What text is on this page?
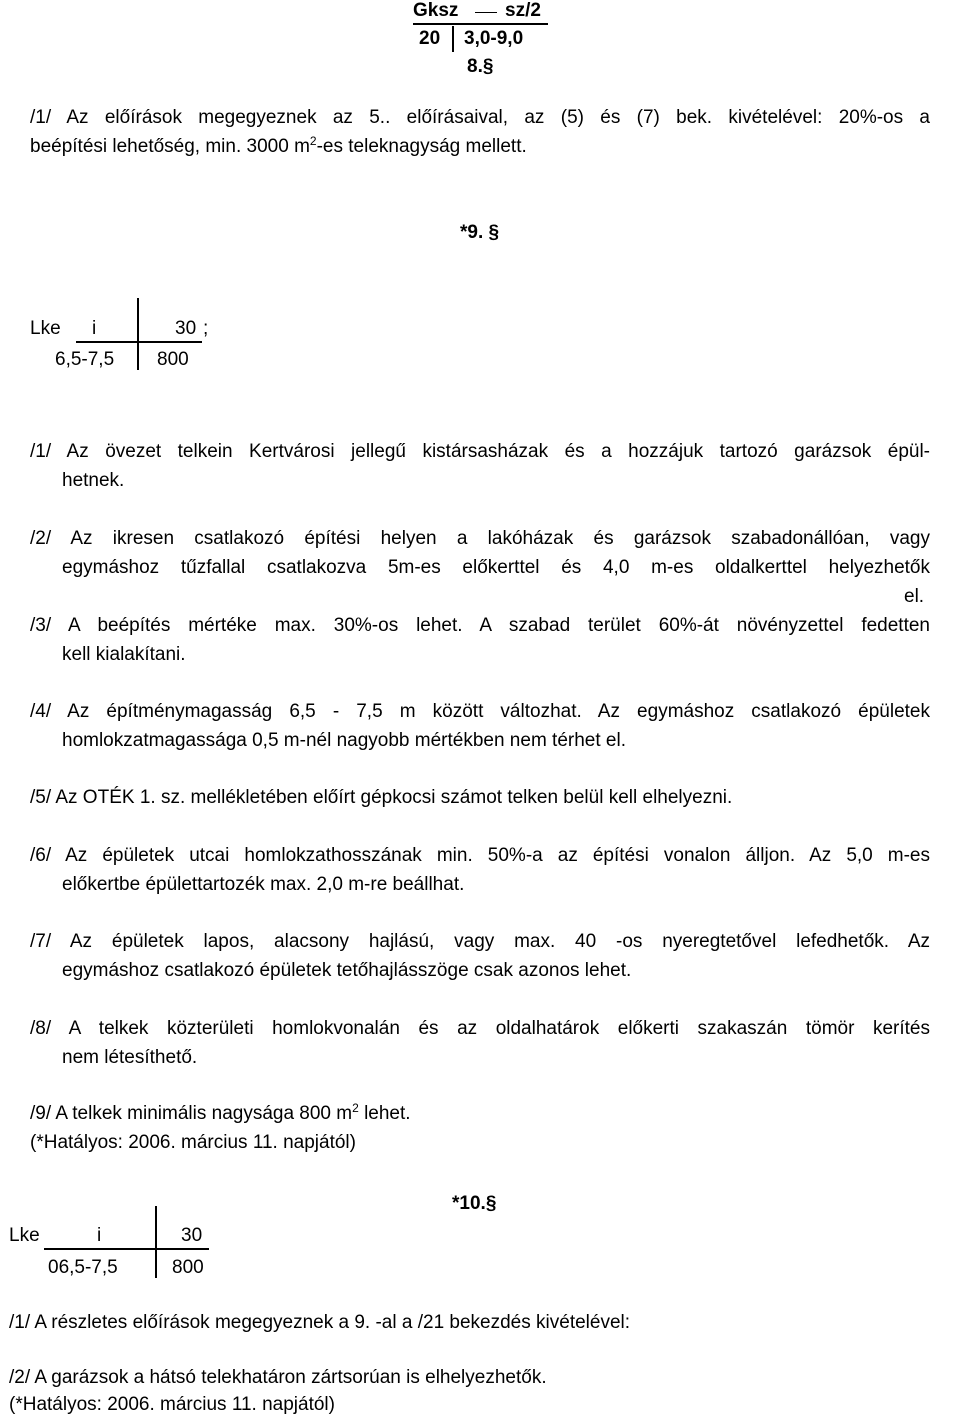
Gksz sz/2
20 3,0-9,0
8.§
/1/ Az előírások megegyeznek az 5.. előírásaival, az (5) és (7) bek. kivételével: 20%-os a
beépítési lehetőség, min. 3000 $m^2-es$ teleknagyság mellett.
*9. §
Lke i	30 ;
6,5-7,5 800
/1/ Az övezet telkein Kertvárosi jellegű kistársasházak és a hozzájuk tartozó garázsok épül-
hetnek.
/2/ Az ikresen csatlakozó építési helyen a lakóházak és garázsok szabadonállóan, vagy
egymáshoz tűzfallal csatlakozva 5m-es előkerttel és 4,0 m-es oldalkerttel helyezhetők
el.
/3/ A beépítés mértéke max. 30%-os lehet. A szabad terület 60%-át növényzettel fedetten
kell kialakítani.
/4/ Az építménymagasság 6,5 - 7,5 m között változhat. Az egymáshoz csatlakozó épületek
homlokzatmagassága 0,5 m-nél nagyobb mértékben nem térhet el.
/5/ Az OTÉK 1. sz. mellékletében előírt gépkocsi számot telken belül kell elhelyezni.
/6/ Az épületek utcai homlokzathosszának min. 50%-a az építési vonalon álljon. Az 5,0 m-es
előkertbe épülettartozék max. 2,0 m-re beállhat.
/7/ Az épületek lapos, alacsony hajlású, vagy max. 40 -os nyeregtetővel lefedhetők. Az
egymáshoz csatlakozó épületek tetőhajlásszöge csak azonos lehet.
/8/ A telkek közterületi homlokvonalán és az oldalhatárok előkerti szakaszán tömör kerítés
nem létesíthető.
/9/ A telkek minimális nagysága 800 $m^2$ lehet.
(*Hatályos: 2006. március 11. napjától)
*10.§
Lke	i	30
06,5-7,5	800
/1/ A részletes előírások megegyeznek a 9. -al a /21 bekezdés kivételével:
/2/ A garázsok a hátsó telekhatáron zártsorúan is elhelyezhetők.
(*Hatályos: 2006. március 11. napjától)
